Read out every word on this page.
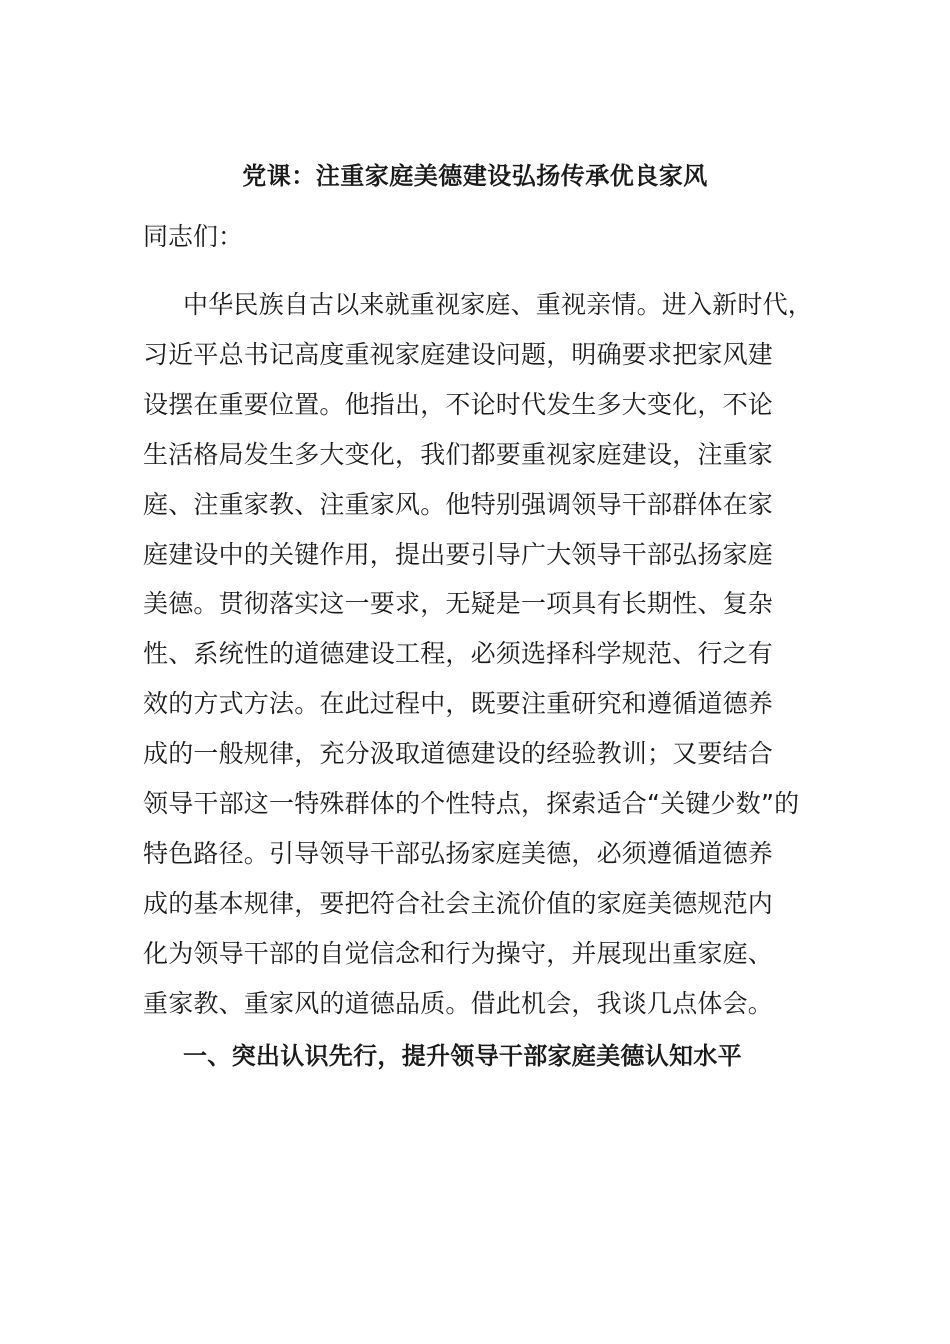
党课：注重家庭美德建设弘扬传承优良家风

同志们：

中华民族自古以来就重视家庭、重视亲情。进入新时代，
习近平总书记高度重视家庭建设问题，明确要求把家风建
设摆在重要位置。他指出，不论时代发生多大变化，不论
生活格局发生多大变化，我们都要重视家庭建设，注重家
庭、注重家教、注重家风。他特别强调领导干部群体在家
庭建设中的关键作用，提出要引导广大领导干部弘扬家庭
美德。贯彻落实这一要求，无疑是一项具有长期性、复杂
性、系统性的道德建设工程，必须选择科学规范、行之有
效的方式方法。在此过程中，既要注重研究和遵循道德养
成的一般规律，充分汲取道德建设的经验教训；又要结合
领导干部这一特殊群体的个性特点，探索适合“关键少数”的
特色路径。引导领导干部弘扬家庭美德，必须遵循道德养
成的基本规律，要把符合社会主流价值的家庭美德规范内
化为领导干部的自觉信念和行为操守，并展现出重家庭、
重家教、重家风的道德品质。借此机会，我谈几点体会。

一、突出认识先行，提升领导干部家庭美德认知水平
